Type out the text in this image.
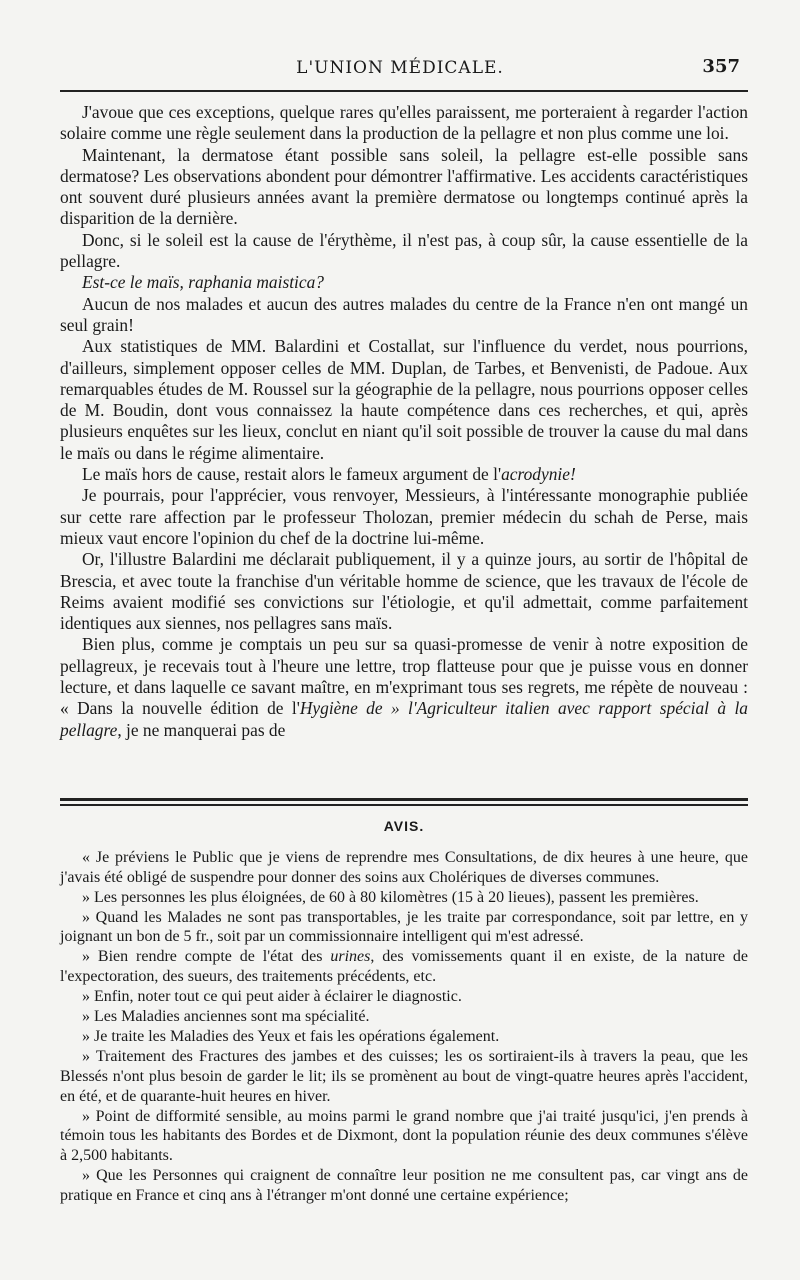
L'UNION MÉDICALE.	357

J'avoue que ces exceptions, quelque rares qu'elles paraissent, me porteraient à regarder l'action solaire comme une règle seulement dans la production de la pellagre et non plus comme une loi.

Maintenant, la dermatose étant possible sans soleil, la pellagre est-elle possible sans dermatose? Les observations abondent pour démontrer l'affirmative. Les accidents caractéristiques ont souvent duré plusieurs années avant la première dermatose ou longtemps continué après la disparition de la dernière.

Donc, si le soleil est la cause de l'érythème, il n'est pas, à coup sûr, la cause essentielle de la pellagre.

Est-ce le maïs, raphania maistica?

Aucun de nos malades et aucun des autres malades du centre de la France n'en ont mangé un seul grain!

Aux statistiques de MM. Balardini et Costallat, sur l'influence du verdet, nous pourrions, d'ailleurs, simplement opposer celles de MM. Duplan, de Tarbes, et Benvenisti, de Padoue. Aux remarquables études de M. Roussel sur la géographie de la pellagre, nous pourrions opposer celles de M. Boudin, dont vous connaissez la haute compétence dans ces recherches, et qui, après plusieurs enquêtes sur les lieux, conclut en niant qu'il soit possible de trouver la cause du mal dans le maïs ou dans le régime alimentaire.

Le maïs hors de cause, restait alors le fameux argument de l'acrodynie!

Je pourrais, pour l'apprécier, vous renvoyer, Messieurs, à l'intéressante monographie publiée sur cette rare affection par le professeur Tholozan, premier médecin du schah de Perse, mais mieux vaut encore l'opinion du chef de la doctrine lui-même.

Or, l'illustre Balardini me déclarait publiquement, il y a quinze jours, au sortir de l'hôpital de Brescia, et avec toute la franchise d'un véritable homme de science, que les travaux de l'école de Reims avaient modifié ses convictions sur l'étiologie, et qu'il admettait, comme parfaitement identiques aux siennes, nos pellagres sans maïs.

Bien plus, comme je comptais un peu sur sa quasi-promesse de venir à notre exposition de pellagreux, je recevais tout à l'heure une lettre, trop flatteuse pour que je puisse vous en donner lecture, et dans laquelle ce savant maître, en m'exprimant tous ses regrets, me répète de nouveau : « Dans la nouvelle édition de l'Hygiène de » l'Agriculteur italien avec rapport spécial à la pellagre, je ne manquerai pas de

AVIS.

« Je préviens le Public que je viens de reprendre mes Consultations, de dix heures à une heure, que j'avais été obligé de suspendre pour donner des soins aux Cholériques de diverses communes.

» Les personnes les plus éloignées, de 60 à 80 kilomètres (15 à 20 lieues), passent les premières.

» Quand les Malades ne sont pas transportables, je les traite par correspondance, soit par lettre, en y joignant un bon de 5 fr., soit par un commissionnaire intelligent qui m'est adressé.

» Bien rendre compte de l'état des urines, des vomissements quant il en existe, de la nature de l'expectoration, des sueurs, des traitements précédents, etc.

» Enfin, noter tout ce qui peut aider à éclairer le diagnostic.

» Les Maladies anciennes sont ma spécialité.

» Je traite les Maladies des Yeux et fais les opérations également.

» Traitement des Fractures des jambes et des cuisses; les os sortiraient-ils à travers la peau, que les Blessés n'ont plus besoin de garder le lit; ils se promènent au bout de vingt-quatre heures après l'accident, en été, et de quarante-huit heures en hiver.

» Point de difformité sensible, au moins parmi le grand nombre que j'ai traité jusqu'ici, j'en prends à témoin tous les habitants des Bordes et de Dixmont, dont la population réunie des deux communes s'élève à 2,500 habitants.

» Que les Personnes qui craignent de connaître leur position ne me consultent pas, car vingt ans de pratique en France et cinq ans à l'étranger m'ont donné une certaine expérience;
